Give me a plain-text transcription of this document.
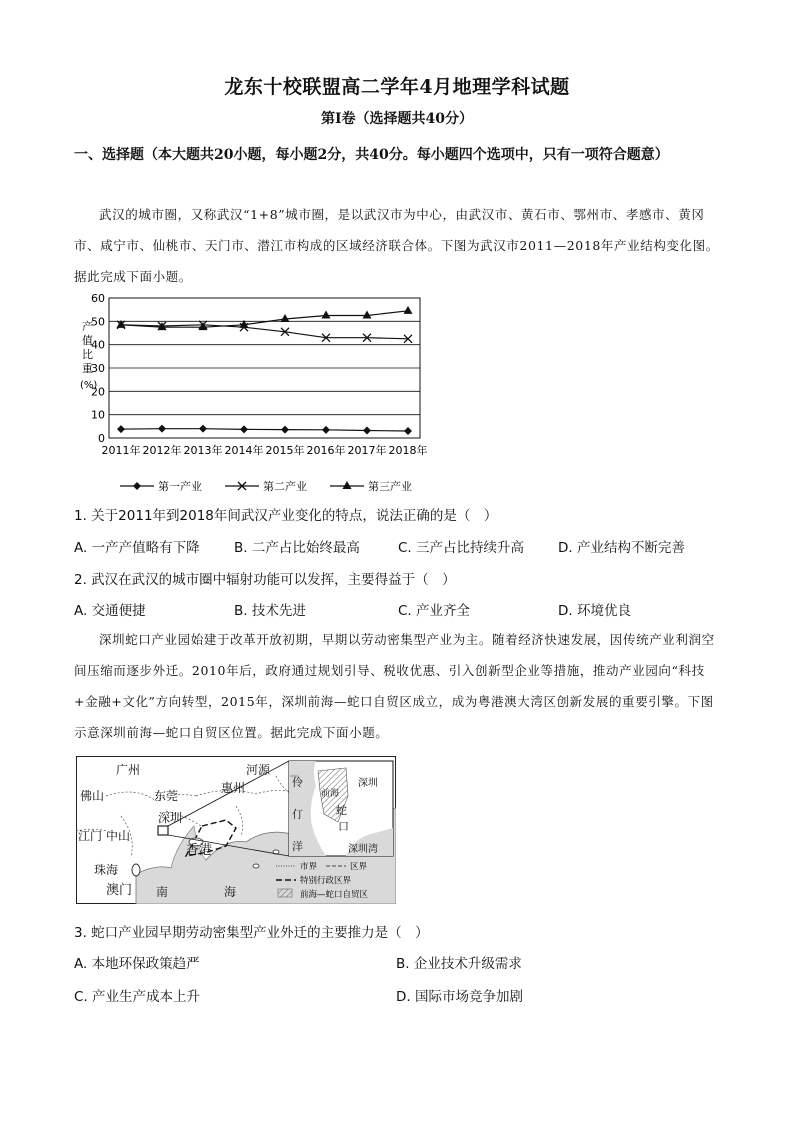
龙东十校联盟高二学年4月地理学科试题
第I卷（选择题共40分）
一、选择题（本大题共20小题，每小题2分，共40分。每小题四个选项中，只有一项符合题意）
武汉的城市圈，又称武汉“1+8”城市圈，是以武汉市为中心，由武汉市、黄石市、鄂州市、孝感市、黄冈市、咸宁市、仙桃市、天门市、潜江市构成的区域经济联合体。下图为武汉市2011—2018年产业结构变化图。据此完成下面小题。
产
值
比
重
(%)
0
10
20
30
40
50
60
2011年 2012年 2013年 2014年 2015年 2016年 2017年 2018年
第一产业	第二产业	第三产业
1. 关于2011年到2018年间武汉产业变化的特点，说法正确的是（　）
A. 一产产值略有下降	B. 二产占比始终最高	C. 三产占比持续升高	D. 产业结构不断完善
2. 武汉在武汉的城市圈中辐射功能可以发挥，主要得益于（　）
A. 交通便捷	B. 技术先进	C. 产业齐全	D. 环境优良
深圳蛇口产业园始建于改革开放初期，早期以劳动密集型产业为主。随着经济快速发展，因传统产业利润空间压缩而逐步外迁。2010年后，政府通过规划引导、税收优惠、引入创新型企业等措施，推动产业园向“科技+金融+文化”方向转型，2015年，深圳前海—蛇口自贸区成立，成为粤港澳大湾区创新发展的重要引擎。下图示意深圳前海—蛇口自贸区位置。据此完成下面小题。
市界	区界
特别行政区界
前海—蛇口自贸区
广州	河源
惠州
佛山	东莞
深圳
江门 中山
香港
珠海
澳门 南	海
伶
仃
洋
前海
深圳
蛇
口
深圳湾
3. 蛇口产业园早期劳动密集型产业外迁的主要推力是（　）
A. 本地环保政策趋严	B. 企业技术升级需求
C. 产业生产成本上升	D. 国际市场竞争加剧
